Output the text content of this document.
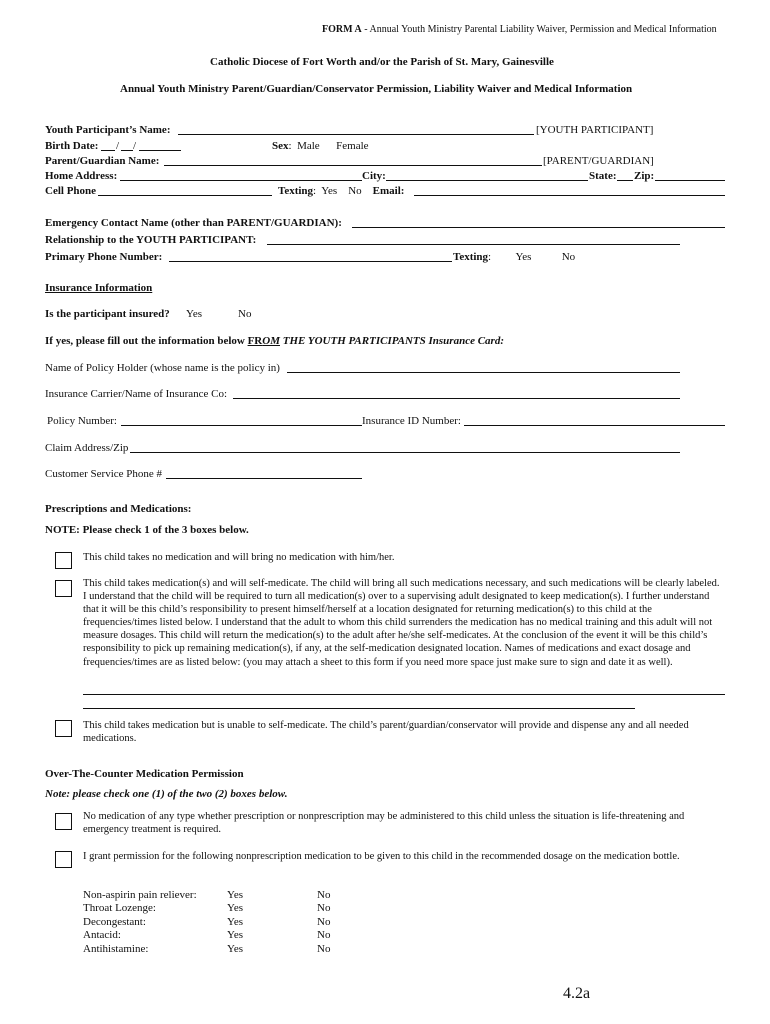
FORM A - Annual Youth Ministry Parental Liability Waiver, Permission and Medical Information
Catholic Diocese of Fort Worth and/or the Parish of St. Mary, Gainesville
Annual Youth Ministry Parent/Guardian/Conservator Permission, Liability Waiver and Medical Information
Youth Participant’s Name:	[YOUTH PARTICIPANT]
Birth Date: / /	Sex:  Male Female
Parent/Guardian Name:	[PARENT/GUARDIAN]
Home Address:	City:	State: Zip:
Cell Phone	Texting:  Yes No Email:
Emergency Contact Name (other than PARENT/GUARDIAN):
Relationship to the YOUTH PARTICIPANT:
Primary Phone Number:	Texting:         Yes	No
Insurance Information
Is the participant insured? Yes	No
If yes, please fill out the information below FROM THE YOUTH PARTICIPANTS Insurance Card:
Name of Policy Holder (whose name is the policy in)
Insurance Carrier/Name of Insurance Co:
Policy Number:	Insurance ID Number:
Claim Address/Zip
Customer Service Phone #
Prescriptions and Medications:
NOTE: Please check 1 of the 3 boxes below.
This child takes no medication and will bring no medication with him/her.
This child takes medication(s) and will self-medicate. The child will bring all such medications necessary, and such medications will be clearly labeled. I understand that the child will be required to turn all medication(s) over to a supervising adult designated to keep medication(s). I further understand that it will be this child’s responsibility to present himself/herself at a location designated for returning medication(s) to this child at the frequencies/times listed below. I understand that the adult to whom this child surrenders the medication has no medical training and this adult will not measure dosages. This child will return the medication(s) to the adult after he/she self-medicates. At the conclusion of the event it will be this child’s responsibility to pick up remaining medication(s), if any, at the self-medication designated location. Names of medications and exact dosage and frequencies/times are as listed below: (you may attach a sheet to this form if you need more space just make sure to sign and date it as well).
This child takes medication but is unable to self-medicate. The child’s parent/guardian/conservator will provide and dispense any and all needed medications.
Over-The-Counter Medication Permission
Note: please check one (1) of the two (2) boxes below.
No medication of any type whether prescription or nonprescription may be administered to this child unless the situation is life-threatening and emergency treatment is required.
I grant permission for the following nonprescription medication to be given to this child in the recommended dosage on the medication bottle.
Non-aspirin pain reliever:	Yes	No
Throat Lozenge:	Yes	No
Decongestant:	Yes	No
Antacid:	Yes	No
Antihistamine:	Yes	No
4.2a
